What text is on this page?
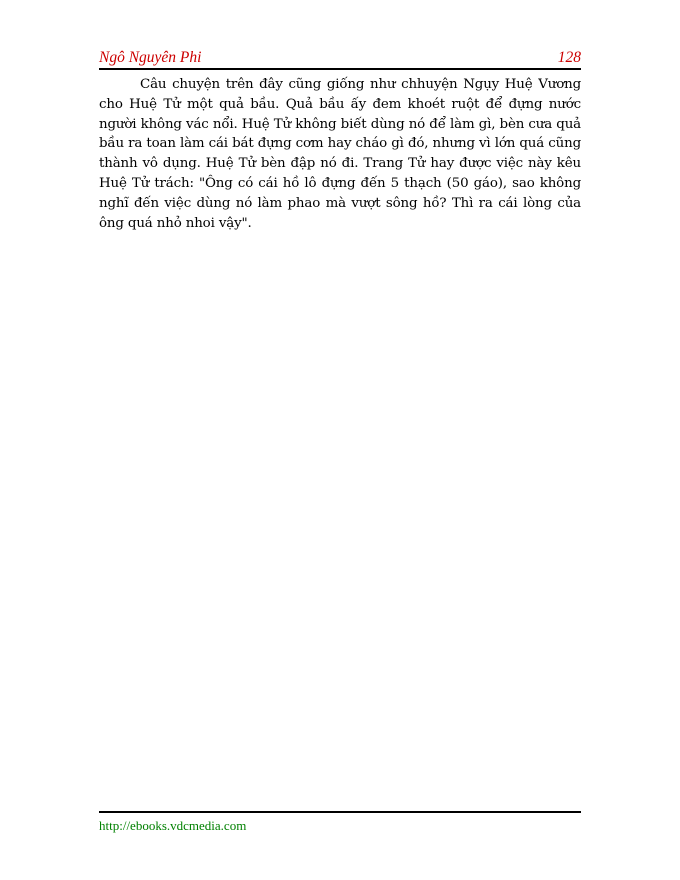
Ngô Nguyên Phi	128

Câu chuyện trên đây cũng giống như chhuyện Ngụy Huệ Vương cho Huệ Tử một quả bầu. Quả bầu ấy đem khoét ruột để đựng nước người không vác nổi. Huệ Tử không biết dùng nó để làm gì, bèn cưa quả bầu ra toan làm cái bát đựng cơm hay cháo gì đó, nhưng vì lớn quá cũng thành vô dụng. Huệ Tử bèn đập nó đi. Trang Tử hay được việc này kêu Huệ Tử trách: "Ông có cái hồ lô đựng đến 5 thạch (50 gáo), sao không nghĩ đến việc dùng nó làm phao mà vượt sông hồ? Thì ra cái lòng của ông quá nhỏ nhoi vậy".

http://ebooks.vdcmedia.com
